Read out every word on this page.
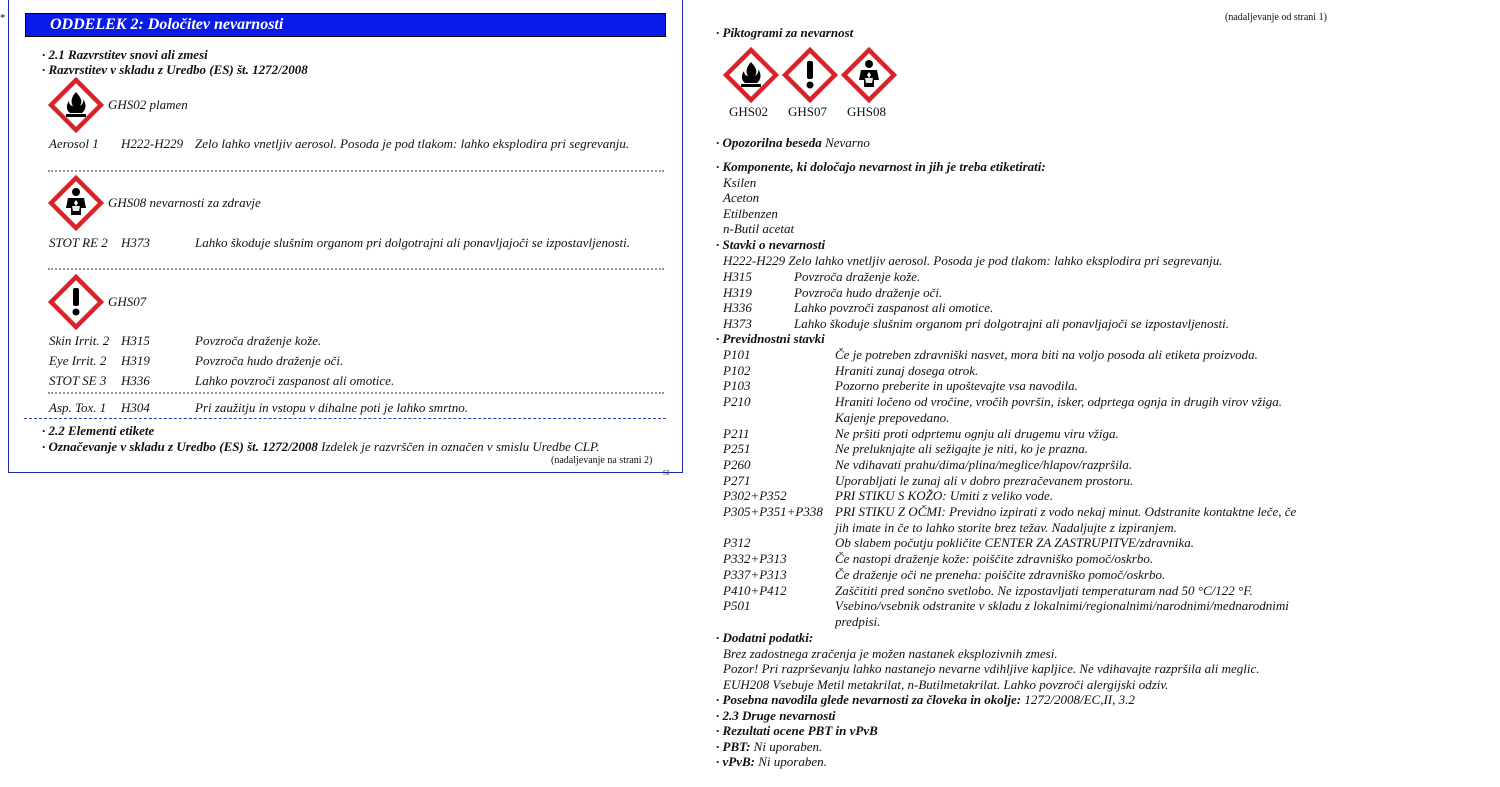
*	ODDELEK 2: Določitev nevarnosti
· 2.1 Razvrstitev snovi ali zmesi
· Razvrstitev v skladu z Uredbo (ES) št. 1272/2008
GHS02 plamen
Aerosol 1 H222-H229 Zelo lahko vnetljiv aerosol. Posoda je pod tlakom: lahko eksplodira pri segrevanju.
GHS08 nevarnosti za zdravje
STOT RE 2 H373	Lahko škoduje slušnim organom pri dolgotrajni ali ponavljajoči se izpostavljenosti.
GHS07
Skin Irrit. 2 H315	Povzroča draženje kože.
Eye Irrit. 2 H319	Povzroča hudo draženje oči.
STOT SE 3 H336	Lahko povzroči zaspanost ali omotice.
Asp. Tox. 1 H304	Pri zaužitju in vstopu v dihalne poti je lahko smrtno.
· 2.2 Elementi etikete
· Označevanje v skladu z Uredbo (ES) št. 1272/2008 Izdelek je razvrščen in označen v smislu Uredbe CLP.
(nadaljevanje na strani 2)
SI
(nadaljevanje od strani 1)
· Piktogrami za nevarnost
GHS02 GHS07 GHS08
· Opozorilna beseda Nevarno
· Komponente, ki določajo nevarnost in jih je treba etiketirati:
Ksilen
Aceton
Etilbenzen
n-Butil acetat
· Stavki o nevarnosti
H222-H229 Zelo lahko vnetljiv aerosol. Posoda je pod tlakom: lahko eksplodira pri segrevanju.
H315	Povzroča draženje kože.
H319	Povzroča hudo draženje oči.
H336	Lahko povzroči zaspanost ali omotice.
H373	Lahko škoduje slušnim organom pri dolgotrajni ali ponavljajoči se izpostavljenosti.
· Previdnostni stavki
P101	Če je potreben zdravniški nasvet, mora biti na voljo posoda ali etiketa proizvoda.
P102	Hraniti zunaj dosega otrok.
P103	Pozorno preberite in upoštevajte vsa navodila.
P210	Hraniti ločeno od vročine, vročih površin, isker, odprtega ognja in drugih virov vžiga.
Kajenje prepovedano.
P211	Ne pršiti proti odprtemu ognju ali drugemu viru vžiga.
P251	Ne preluknjajte ali sežigajte je niti, ko je prazna.
P260	Ne vdihavati prahu/dima/plina/meglice/hlapov/razpršila.
P271	Uporabljati le zunaj ali v dobro prezračevanem prostoru.
P302+P352	PRI STIKU S KOŽO: Umiti z veliko vode.
P305+P351+P338 PRI STIKU Z OČMI: Previdno izpirati z vodo nekaj minut. Odstranite kontaktne leče, če
jih imate in če to lahko storite brez težav. Nadaljujte z izpiranjem.
P312	Ob slabem počutju pokličite CENTER ZA ZASTRUPITVE/zdravnika.
P332+P313	Če nastopi draženje kože: poiščite zdravniško pomoč/oskrbo.
P337+P313	Če draženje oči ne preneha: poiščite zdravniško pomoč/oskrbo.
P410+P412	Zaščititi pred sončno svetlobo. Ne izpostavljati temperaturam nad 50 °C/122 °F.
P501	Vsebino/vsebnik odstranite v skladu z lokalnimi/regionalnimi/narodnimi/mednarodnimi
predpisi.
· Dodatni podatki:
Brez zadostnega zračenja je možen nastanek eksplozivnih zmesi.
Pozor! Pri razprševanju lahko nastanejo nevarne vdihljive kapljice. Ne vdihavajte razpršila ali meglic.
EUH208 Vsebuje Metil metakrilat, n-Butilmetakrilat. Lahko povzroči alergijski odziv.
· Posebna navodila glede nevarnosti za človeka in okolje: 1272/2008/EC,II, 3.2
· 2.3 Druge nevarnosti
· Rezultati ocene PBT in vPvB
· PBT: Ni uporaben.
· vPvB: Ni uporaben.
